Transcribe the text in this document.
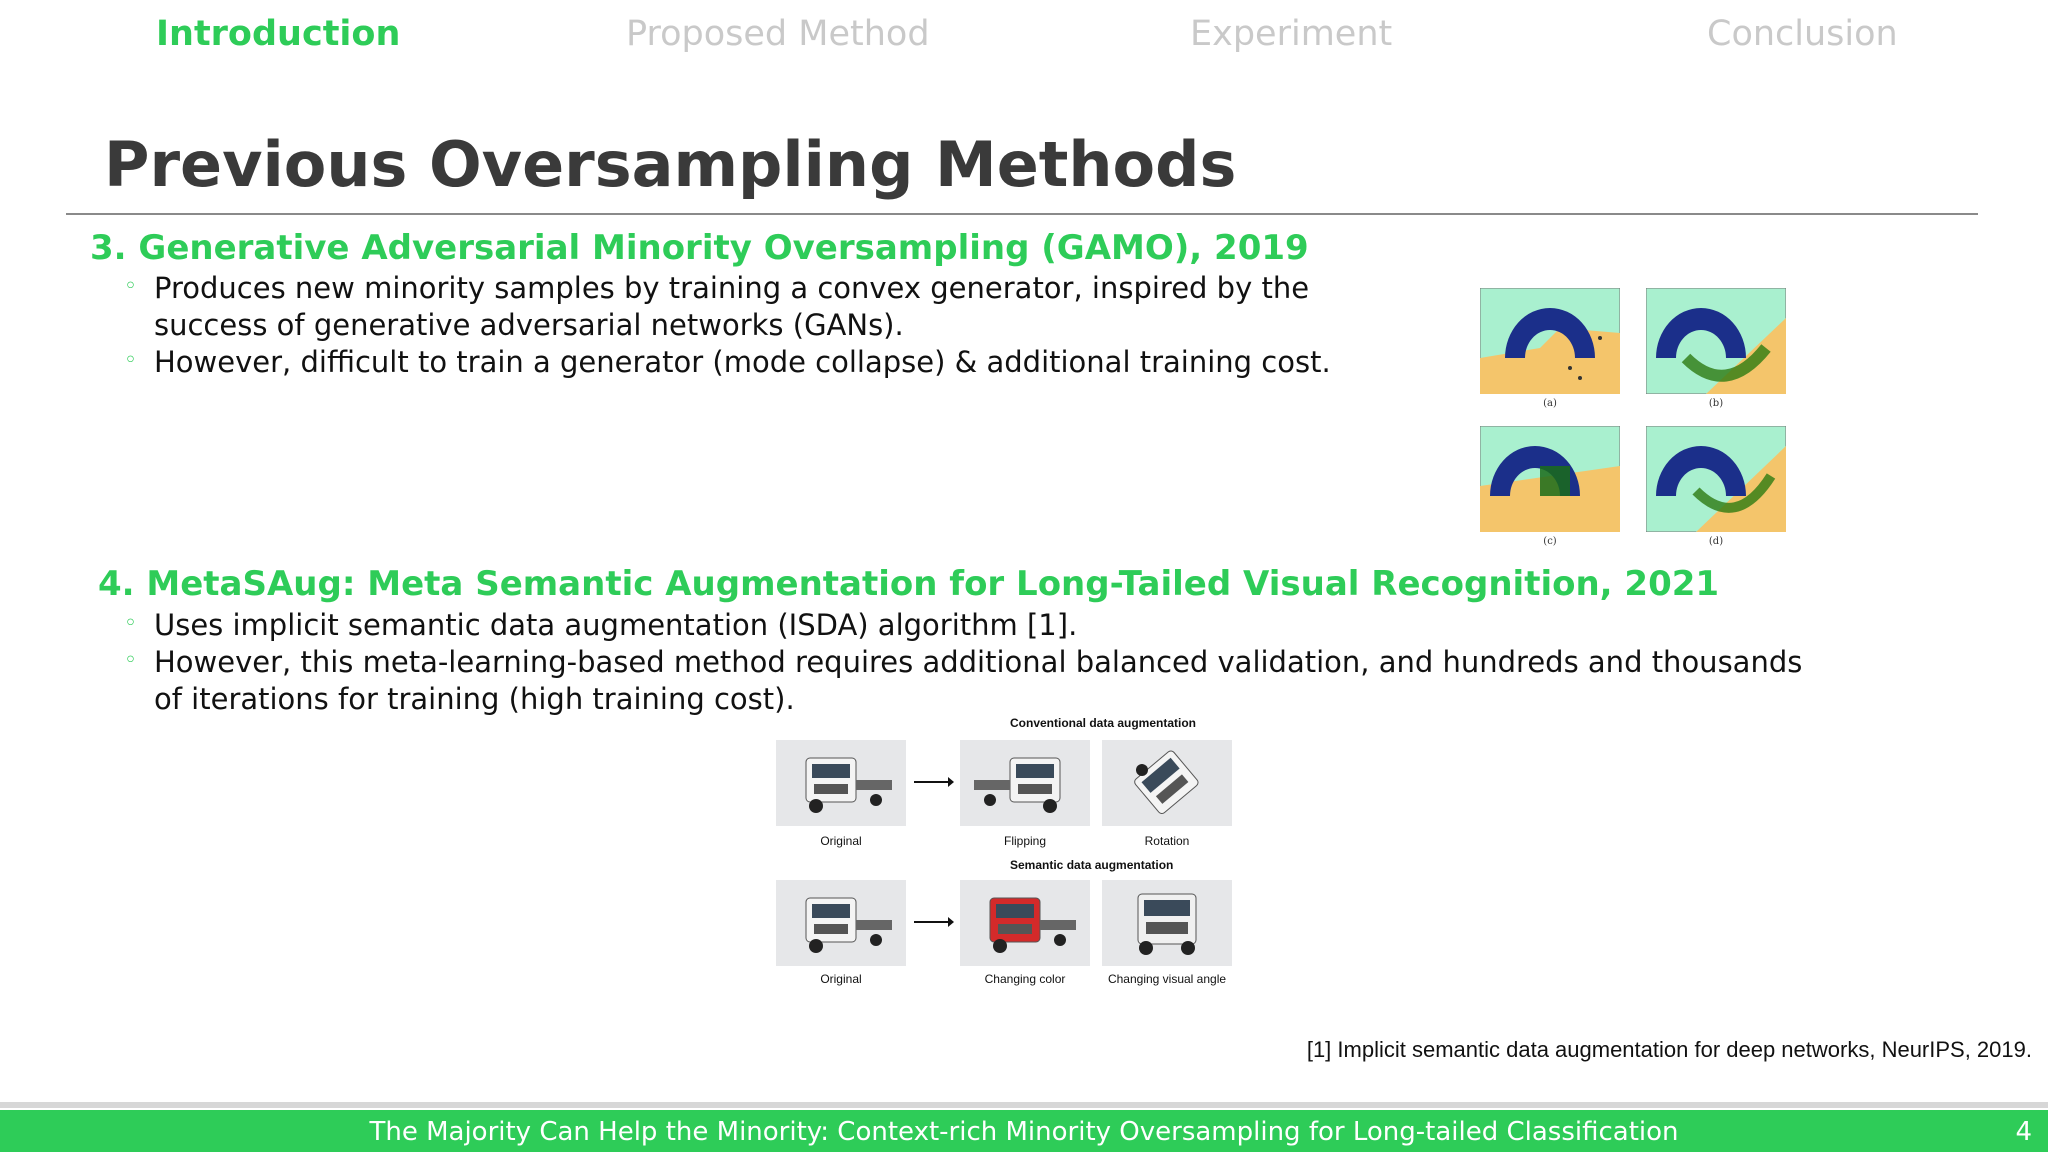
Introduction	Proposed Method	Experiment	Conclusion
Previous Oversampling Methods
3. Generative Adversarial Minority Oversampling (GAMO), 2019
◦ Produces new minority samples by training a convex generator, inspired by the success of generative adversarial networks (GANs).
◦ However, difficult to train a generator (mode collapse) & additional training cost.
(a)	(b)
(c)	(d)
4. MetaSAug: Meta Semantic Augmentation for Long-Tailed Visual Recognition, 2021
◦ Uses implicit semantic data augmentation (ISDA) algorithm [1].
◦ However, this meta-learning-based method requires additional balanced validation, and hundreds and thousands of iterations for training (high training cost).
Conventional data augmentation
Original	Flipping	Rotation
Semantic data augmentation
Original	Changing color	Changing visual angle
[1] Implicit semantic data augmentation for deep networks, NeurIPS, 2019.
The Majority Can Help the Minority: Context-rich Minority Oversampling for Long-tailed Classification	4
